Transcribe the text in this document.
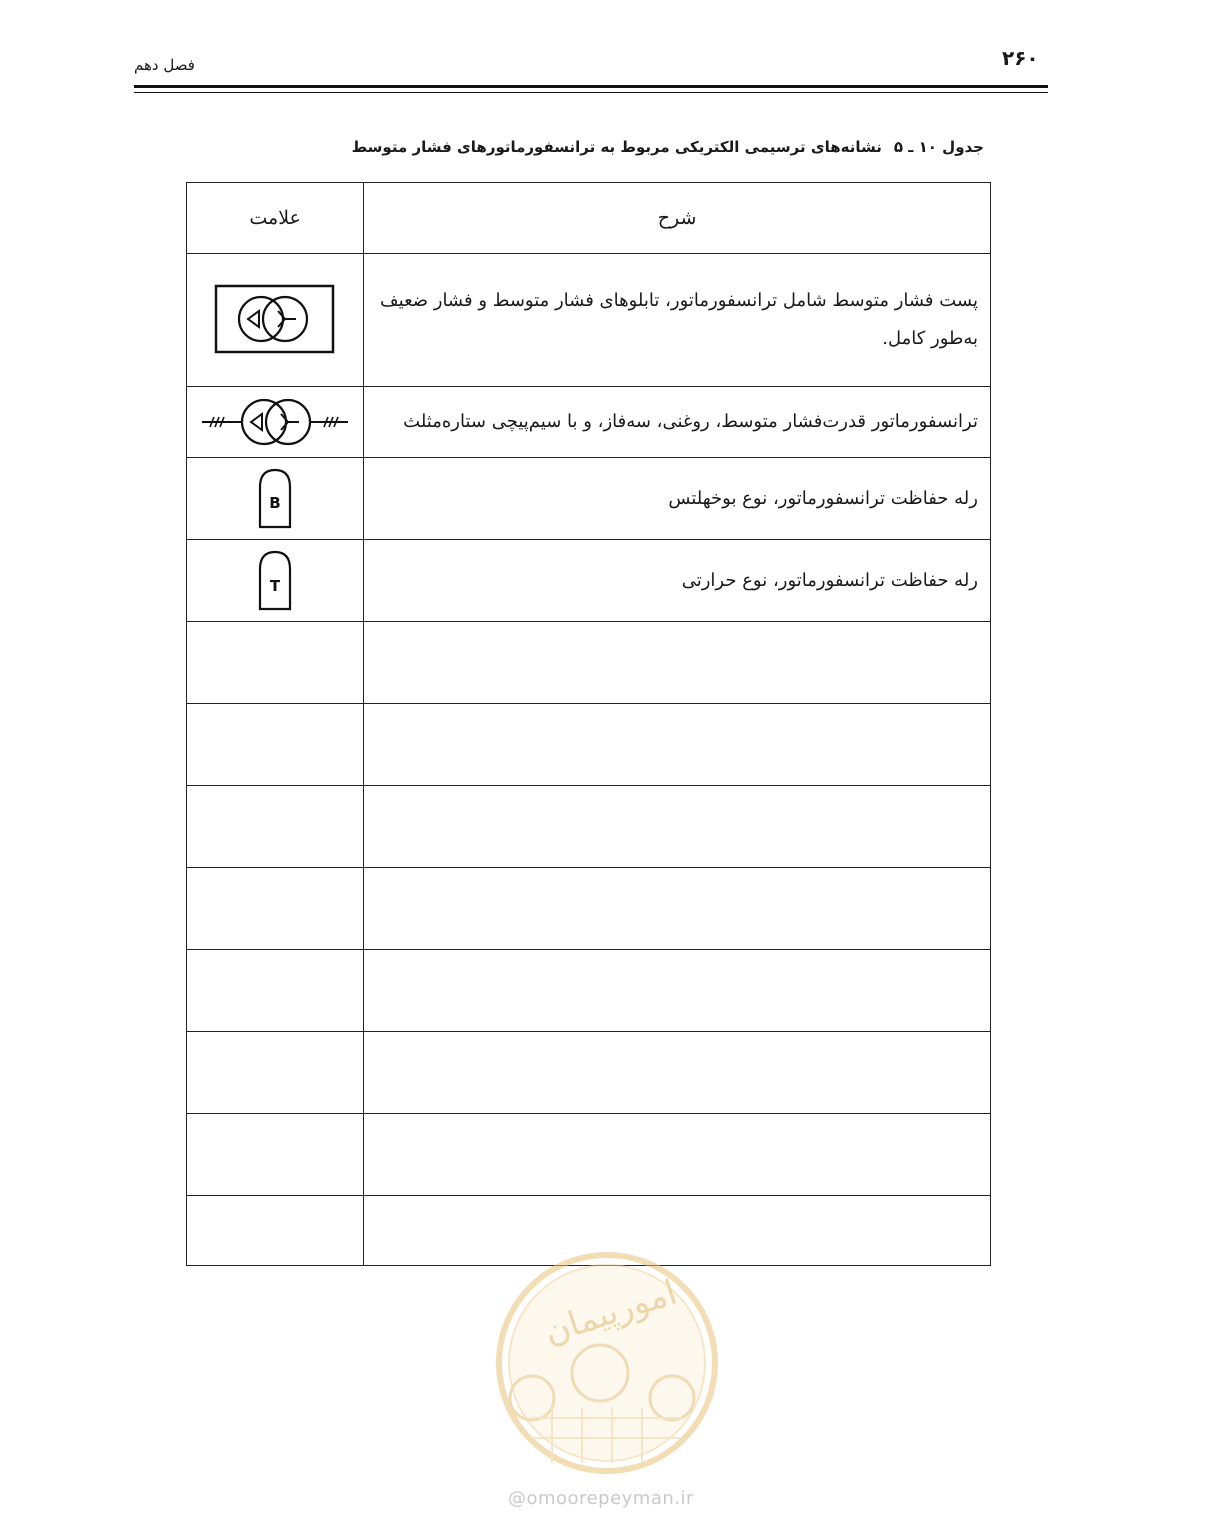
۲۶۰
فصل دهم
جدول ۱۰ ـ ۵نشانه‌های ترسیمی الکتریکی مربوط به ترانسفورماتورهای فشار متوسط
شرح	علامت
پست فشار متوسط شامل ترانسفورماتور، تابلوهای فشار متوسط و فشار ضعیف به‌طور کامل.	

ترانسفورماتور قدرت‌فشار متوسط، روغنی، سه‌فاز، و با سیم‌پیچی ستاره‌مثلث	

رله حفاظت ترانسفورماتور، نوع بوخهلتس	B

رله حفاظت ترانسفورماتور، نوع حرارتی	T

امورپیمان
@omoorepeyman.ir
